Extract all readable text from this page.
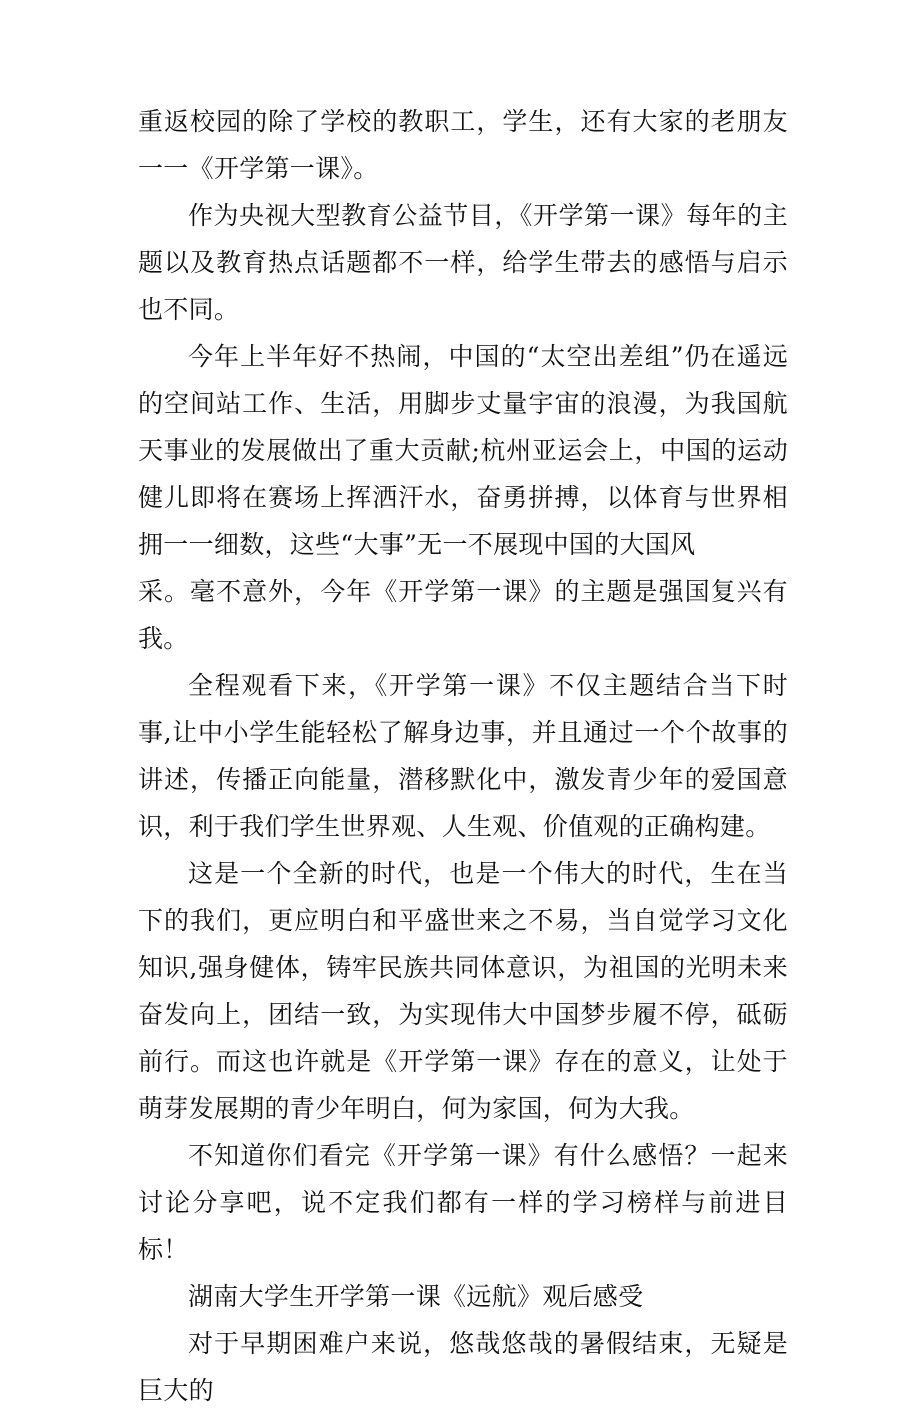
重返校园的除了学校的教职工，学生，还有大家的老朋友一一《开学第一课》。

作为央视大型教育公益节目，《开学第一课》每年的主题以及教育热点话题都不一样，给学生带去的感悟与启示也不同。

今年上半年好不热闹，中国的“太空出差组”仍在遥远的空间站工作、生活，用脚步丈量宇宙的浪漫，为我国航天事业的发展做出了重大贡献;杭州亚运会上，中国的运动健儿即将在赛场上挥洒汗水，奋勇拼搏，以体育与世界相拥一一细数，这些“大事”无一不展现中国的大国风

采。毫不意外，今年《开学第一课》的主题是强国复兴有我。

全程观看下来，《开学第一课》不仅主题结合当下时事,让中小学生能轻松了解身边事，并且通过一个个故事的讲述，传播正向能量，潜移默化中，激发青少年的爱国意识，利于我们学生世界观、人生观、价值观的正确构建。

这是一个全新的时代，也是一个伟大的时代，生在当下的我们，更应明白和平盛世来之不易，当自觉学习文化知识,强身健体，铸牢民族共同体意识，为祖国的光明未来奋发向上，团结一致，为实现伟大中国梦步履不停，砥砺前行。而这也许就是《开学第一课》存在的意义，让处于萌芽发展期的青少年明白，何为家国，何为大我。

不知道你们看完《开学第一课》有什么感悟？一起来讨论分享吧，说不定我们都有一样的学习榜样与前进目标！

湖南大学生开学第一课《远航》观后感受

对于早期困难户来说，悠哉悠哉的暑假结束，无疑是巨大的
